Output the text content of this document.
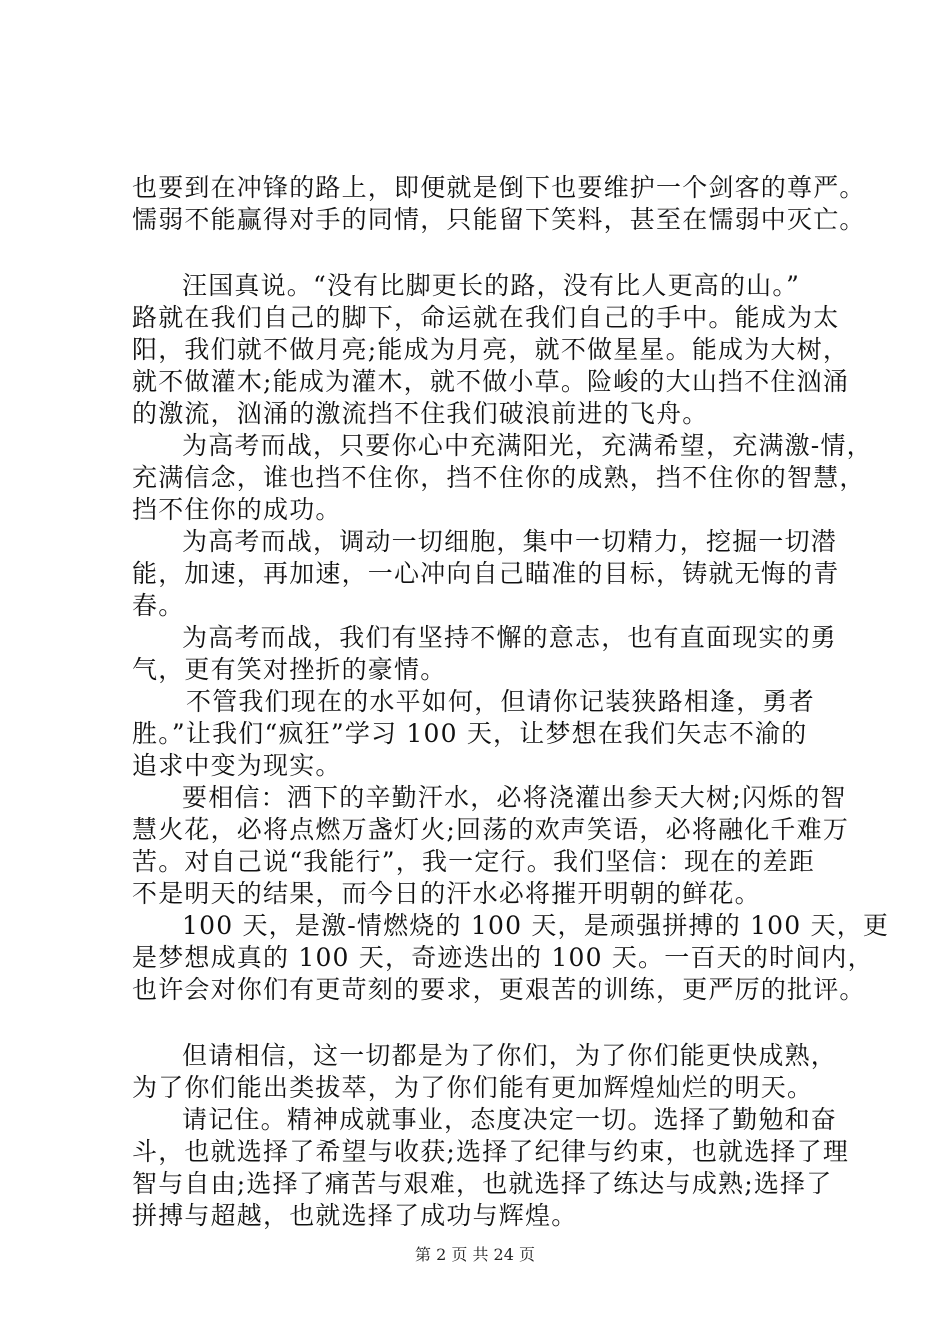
也要到在冲锋的路上，即便就是倒下也要维护一个剑客的尊严。
懦弱不能赢得对手的同情，只能留下笑料，甚至在懦弱中灭亡。
汪国真说。“没有比脚更长的路，没有比人更高的山。”
路就在我们自己的脚下，命运就在我们自己的手中。能成为太
阳，我们就不做月亮;能成为月亮，就不做星星。能成为大树，
就不做灌木;能成为灌木，就不做小草。险峻的大山挡不住汹涌
的激流，汹涌的激流挡不住我们破浪前进的飞舟。
为高考而战，只要你心中充满阳光，充满希望，充满激-情，
充满信念，谁也挡不住你，挡不住你的成熟，挡不住你的智慧，
挡不住你的成功。
为高考而战，调动一切细胞，集中一切精力，挖掘一切潜
能，加速，再加速，一心冲向自己瞄准的目标，铸就无悔的青
春。
为高考而战，我们有坚持不懈的意志，也有直面现实的勇
气，更有笑对挫折的豪情。
不管我们现在的水平如何，但请你记装狭路相逢，勇者
胜。”让我们“疯狂”学习 100 天，让梦想在我们矢志不渝的
追求中变为现实。
要相信：洒下的辛勤汗水，必将浇灌出参天大树;闪烁的智
慧火花，必将点燃万盏灯火;回荡的欢声笑语，必将融化千难万
苦。对自己说“我能行”，我一定行。我们坚信：现在的差距
不是明天的结果，而今日的汗水必将摧开明朝的鲜花。
100 天，是激-情燃烧的 100 天，是顽强拼搏的 100 天，更
是梦想成真的 100 天，奇迹迭出的 100 天。一百天的时间内，
也许会对你们有更苛刻的要求，更艰苦的训练，更严厉的批评。
但请相信，这一切都是为了你们，为了你们能更快成熟，
为了你们能出类拔萃，为了你们能有更加辉煌灿烂的明天。
请记住。精神成就事业，态度决定一切。选择了勤勉和奋
斗，也就选择了希望与收获;选择了纪律与约束，也就选择了理
智与自由;选择了痛苦与艰难，也就选择了练达与成熟;选择了
拼搏与超越，也就选择了成功与辉煌。
第 2 页 共 24 页
